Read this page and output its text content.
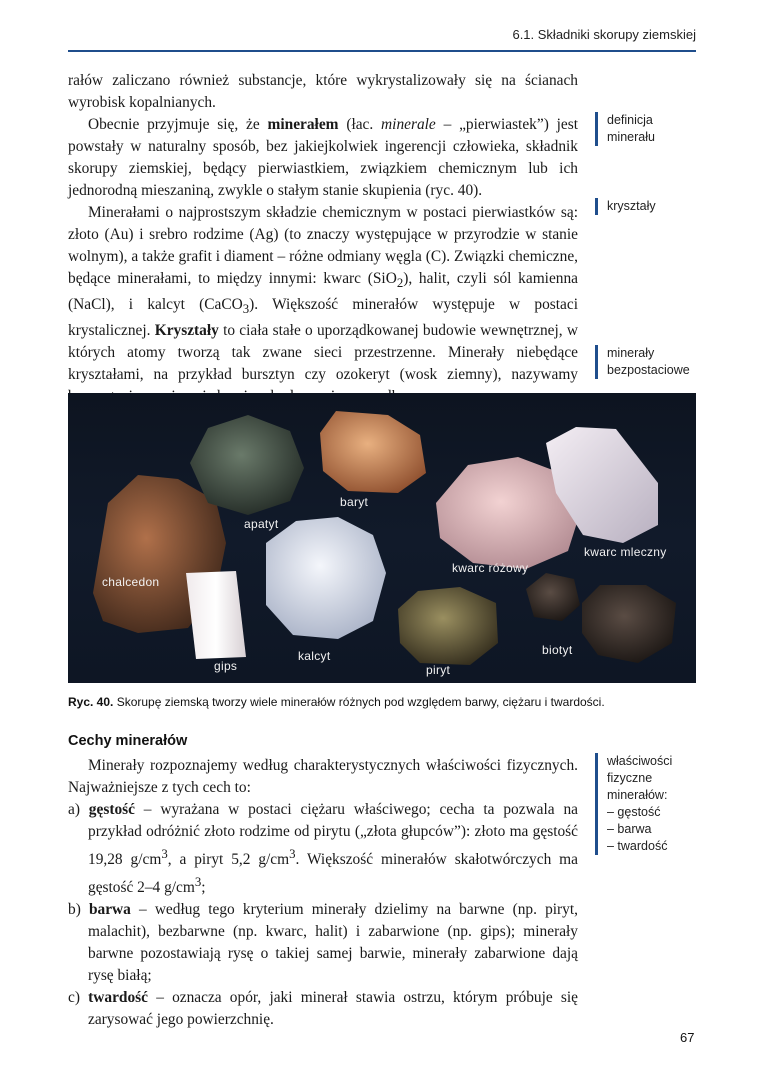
6.1. Składniki skorupy ziemskiej

rałów zaliczano również substancje, które wykrystalizowały się na ścianach wyrobisk kopalnianych.

Obecnie przyjmuje się, że minerałem (łac. minerale – „pierwiastek”) jest powstały w naturalny sposób, bez jakiejkolwiek ingerencji człowieka, składnik skorupy ziemskiej, będący pierwiastkiem, związkiem chemicznym lub ich jednorodną mieszaniną, zwykle o stałym stanie skupienia (ryc. 40).

Minerałami o najprostszym składzie chemicznym w postaci pierwiastków są: złoto (Au) i srebro rodzime (Ag) (to znaczy występujące w przyrodzie w stanie wolnym), a także grafit i diament – różne odmiany węgla (C). Związki chemiczne, będące minerałami, to między innymi: kwarc (SiO$_2$), halit, czyli sól kamienna (NaCl), i kalcyt (CaCO$_3$). Większość minerałów występuje w postaci krystalicznej. Kryształy to ciała stałe o uporządkowanej budowie wewnętrznej, w których atomy tworzą tak zwane sieci przestrzenne. Minerały niebędące kryształami, na przykład bursztyn czy ozokeryt (wosk ziemny), nazywamy

definicja
minerału
kryształy
minerały
bezpostaciowe
apatyt
baryt
chalcedon
kwarc różowy
kwarc mleczny
gips
kalcyt
piryt
biotyt
Ryc. 40. Skorupę ziemską tworzy wiele minerałów różnych pod względem barwy, ciężaru i twardości.
Cechy minerałów

Minerały rozpoznajemy według charakterystycznych właściwości fizycznych. Najważniejsze z tych cech to:

a) gęstość – wyrażana w postaci ciężaru właściwego; cecha ta pozwala na przykład odróżnić złoto rodzime od pirytu („złota głupców”): złoto ma gęstość 19,28 $g/cm^3$, a piryt 5,2 $g/cm^3$. Większość minerałów skałotwórczych ma gęstość 2–4 $g/cm^3$;

b) barwa – według tego kryterium minerały dzielimy na barwne (np. piryt, malachit), bezbarwne (np. kwarc, halit) i zabarwione (np. gips); minerały barwne pozostawiają rysę o takiej samej barwie, minerały zabarwione dają rysę białą;

c) twardość – oznacza opór, jaki minerał stawia ostrzu, którym próbuje się zarysować jego powierzchnię.

właściwości
fizyczne
minerałów:
– gęstość
– barwa
– twardość
67
